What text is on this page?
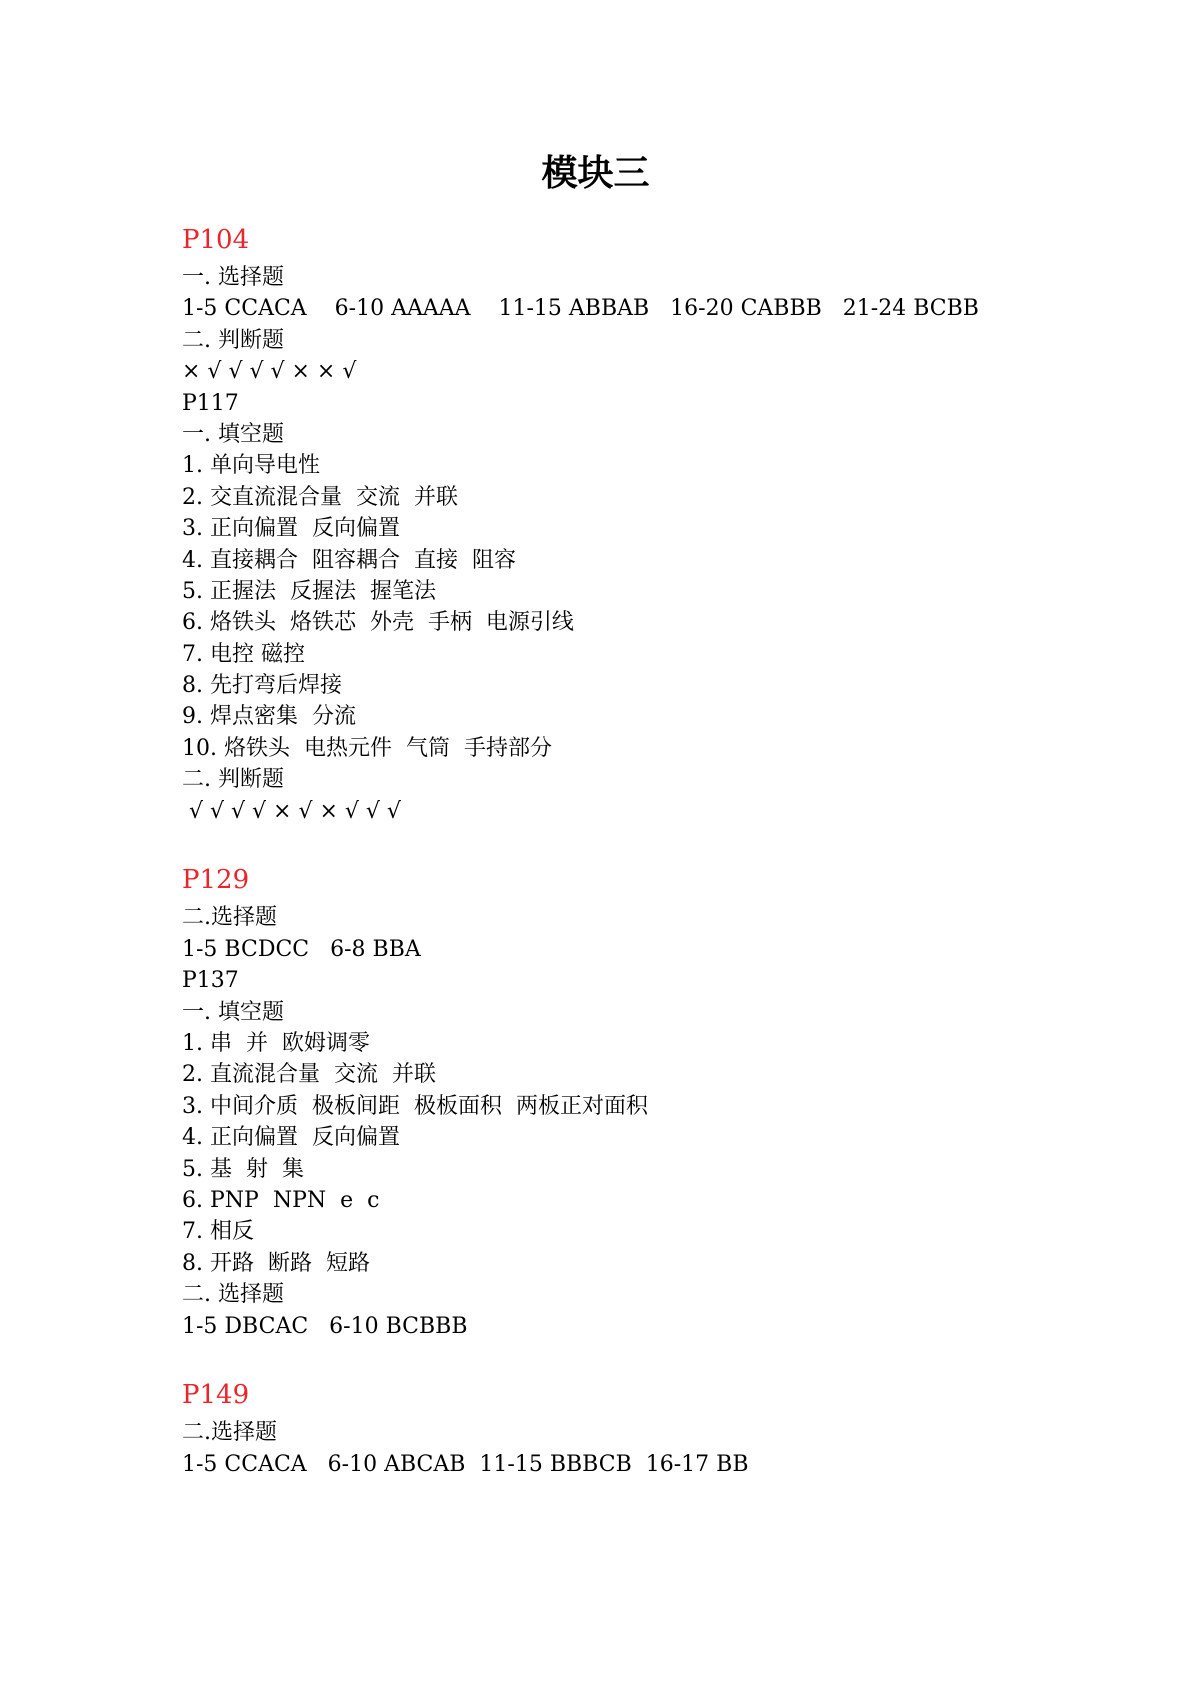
模块三
P104
一. 选择题
1-5 CCACA    6-10 AAAAA    11-15 ABBAB   16-20 CABBB   21-24 BCBB
二. 判断题
× √ √ √ √ × × √
P117
一. 填空题
1. 单向导电性
2. 交直流混合量  交流  并联
3. 正向偏置  反向偏置
4. 直接耦合  阻容耦合  直接  阻容
5. 正握法  反握法  握笔法
6. 烙铁头  烙铁芯  外壳  手柄  电源引线
7. 电控 磁控
8. 先打弯后焊接
9. 焊点密集  分流
10. 烙铁头  电热元件  气筒  手持部分
二. 判断题
√ √ √ √ × √ × √ √ √
P129
二.选择题
1-5 BCDCC   6-8 BBA
P137
一. 填空题
1. 串  并  欧姆调零
2. 直流混合量  交流  并联
3. 中间介质  极板间距  极板面积  两板正对面积
4. 正向偏置  反向偏置
5. 基  射  集
6. PNP  NPN  e  c
7. 相反
8. 开路  断路  短路
二. 选择题
1-5 DBCAC   6-10 BCBBB
P149
二.选择题
1-5 CCACA   6-10 ABCAB  11-15 BBBCB  16-17 BB
